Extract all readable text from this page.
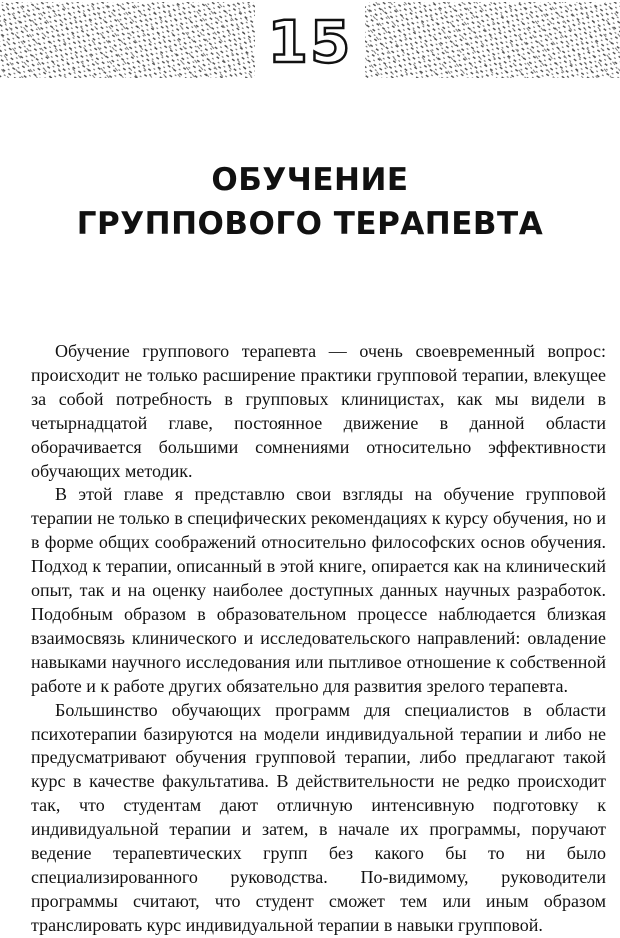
15
ОБУЧЕНИЕ
ГРУППОВОГО ТЕРАПЕВТА

Обучение группового терапевта — очень своевременный вопрос: происходит не только расширение практики групповой терапии, влекущее за собой потребность в групповых клиницистах, как мы видели в четырнадцатой главе, постоянное движение в данной области оборачивается большими сомнениями относительно эффективности обучающих методик.

В этой главе я представлю свои взгляды на обучение групповой терапии не только в специфических рекомендациях к курсу обучения, но и в форме общих соображений относительно философских основ обучения. Подход к терапии, описанный в этой книге, опирается как на клинический опыт, так и на оценку наиболее доступных данных научных разработок. Подобным образом в образовательном процессе наблюдается близкая взаимосвязь клинического и исследовательского направлений: овладение навыками научного исследования или пытливое отношение к собственной работе и к работе других обязательно для развития зрелого терапевта.

Большинство обучающих программ для специалистов в области психотерапии базируются на модели индивидуальной терапии и либо не предусматривают обучения групповой терапии, либо предлагают такой курс в качестве факультатива. В действительности не редко происходит так, что студентам дают отличную интенсивную подготовку к индивидуальной терапии и затем, в начале их программы, поручают ведение терапевтических групп без какого бы то ни было специализированного руководства. По-видимому, руководители программы считают, что студент сможет тем или иным образом транслировать курс индивидуальной терапии в навыки групповой.
